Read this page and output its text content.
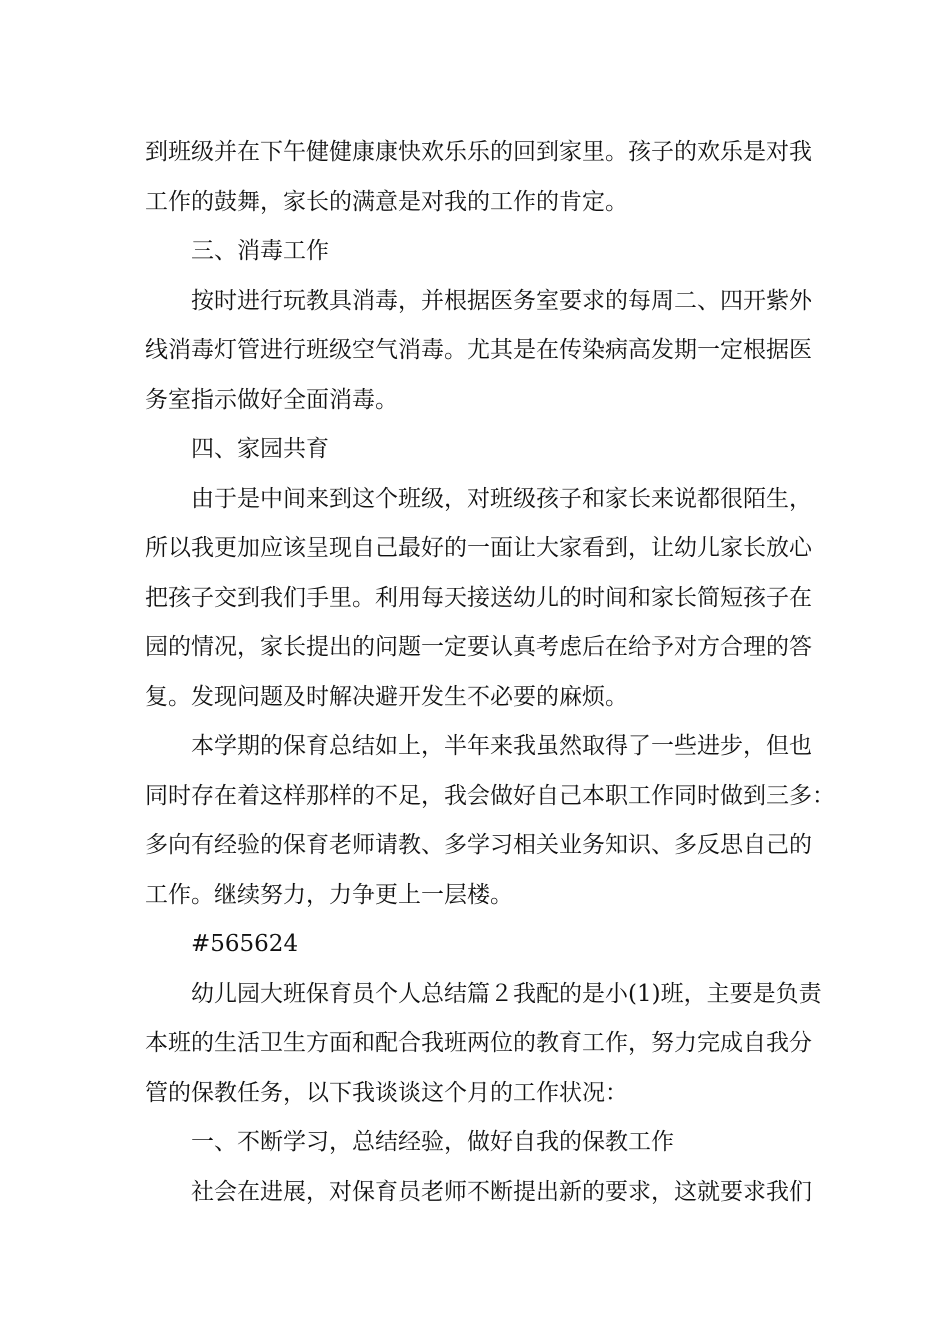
到班级并在下午健健康康快欢乐乐的回到家里。孩子的欢乐是对我
工作的鼓舞，家长的满意是对我的工作的肯定。
三、消毒工作
按时进行玩教具消毒，并根据医务室要求的每周二、四开紫外
线消毒灯管进行班级空气消毒。尤其是在传染病高发期一定根据医
务室指示做好全面消毒。
四、家园共育
由于是中间来到这个班级，对班级孩子和家长来说都很陌生，
所以我更加应该呈现自己最好的一面让大家看到，让幼儿家长放心
把孩子交到我们手里。利用每天接送幼儿的时间和家长简短孩子在
园的情况，家长提出的问题一定要认真考虑后在给予对方合理的答
复。发现问题及时解决避开发生不必要的麻烦。
本学期的保育总结如上，半年来我虽然取得了一些进步，但也
同时存在着这样那样的不足，我会做好自己本职工作同时做到三多：
多向有经验的保育老师请教、多学习相关业务知识、多反思自己的
工作。继续努力，力争更上一层楼。
#565624
幼儿园大班保育员个人总结篇２我配的是小(1)班，主要是负责
本班的生活卫生方面和配合我班两位的教育工作，努力完成自我分
管的保教任务，以下我谈谈这个月的工作状况：
一、不断学习，总结经验，做好自我的保教工作
社会在进展，对保育员老师不断提出新的要求，这就要求我们
